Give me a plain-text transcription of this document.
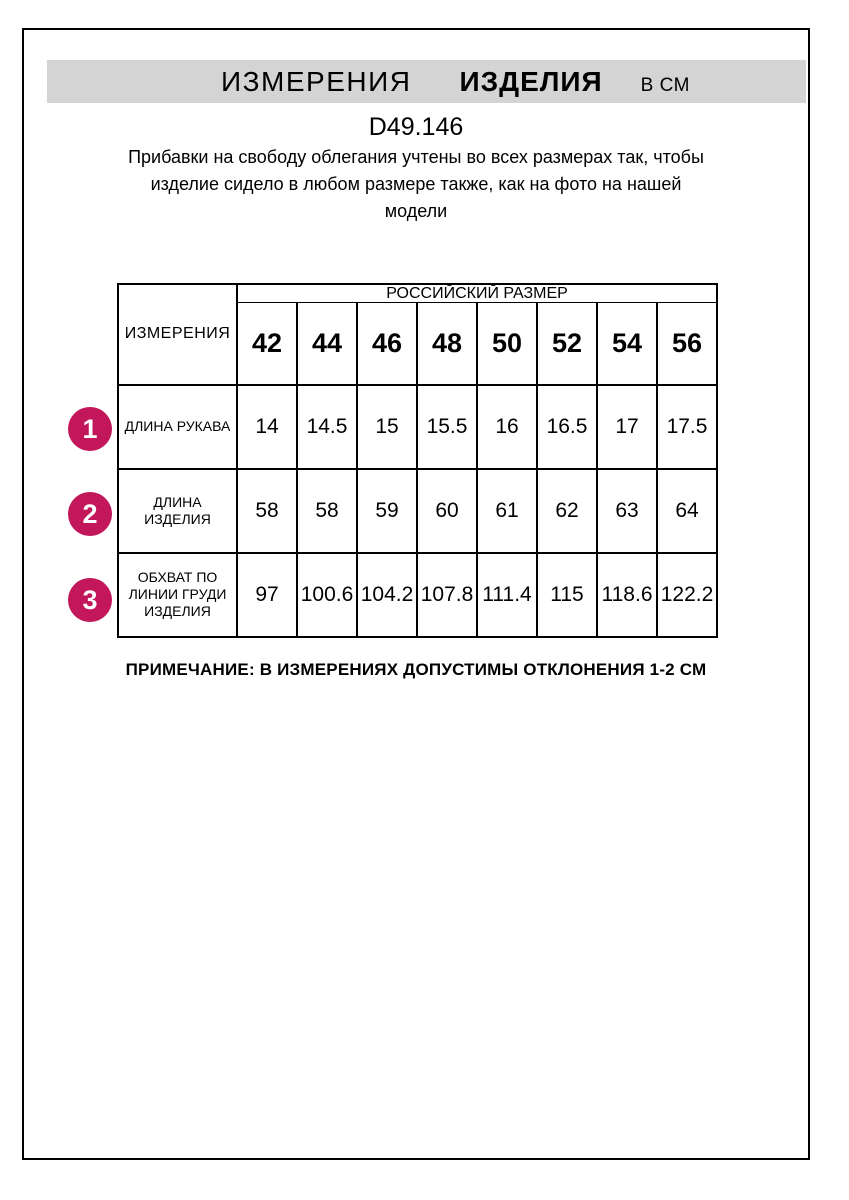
ИЗМЕРЕНИЯ ИЗДЕЛИЯ В СМ
D49.146
Прибавки на свободу облегания учтены во всех размерах так, чтобы
изделие сидело в любом размере также, как на фото на нашей
модели
1
2
3
ИЗМЕРЕНИЯ	РОССИЙСКИЙ РАЗМЕР							
	42	44	46	48	50	52	54	56

ДЛИНА РУКАВА	14	14.5	15	15.5	16	16.5	17	17.5

ДЛИНА
ИЗДЕЛИЯ	58	58	59	60	61	62	63	64

ОБХВАТ ПО
ЛИНИИ ГРУДИ
ИЗДЕЛИЯ	97	100.6	104.2	107.8	111.4	115	118.6	122.2
ПРИМЕЧАНИЕ: В ИЗМЕРЕНИЯХ ДОПУСТИМЫ ОТКЛОНЕНИЯ 1-2 СМ
